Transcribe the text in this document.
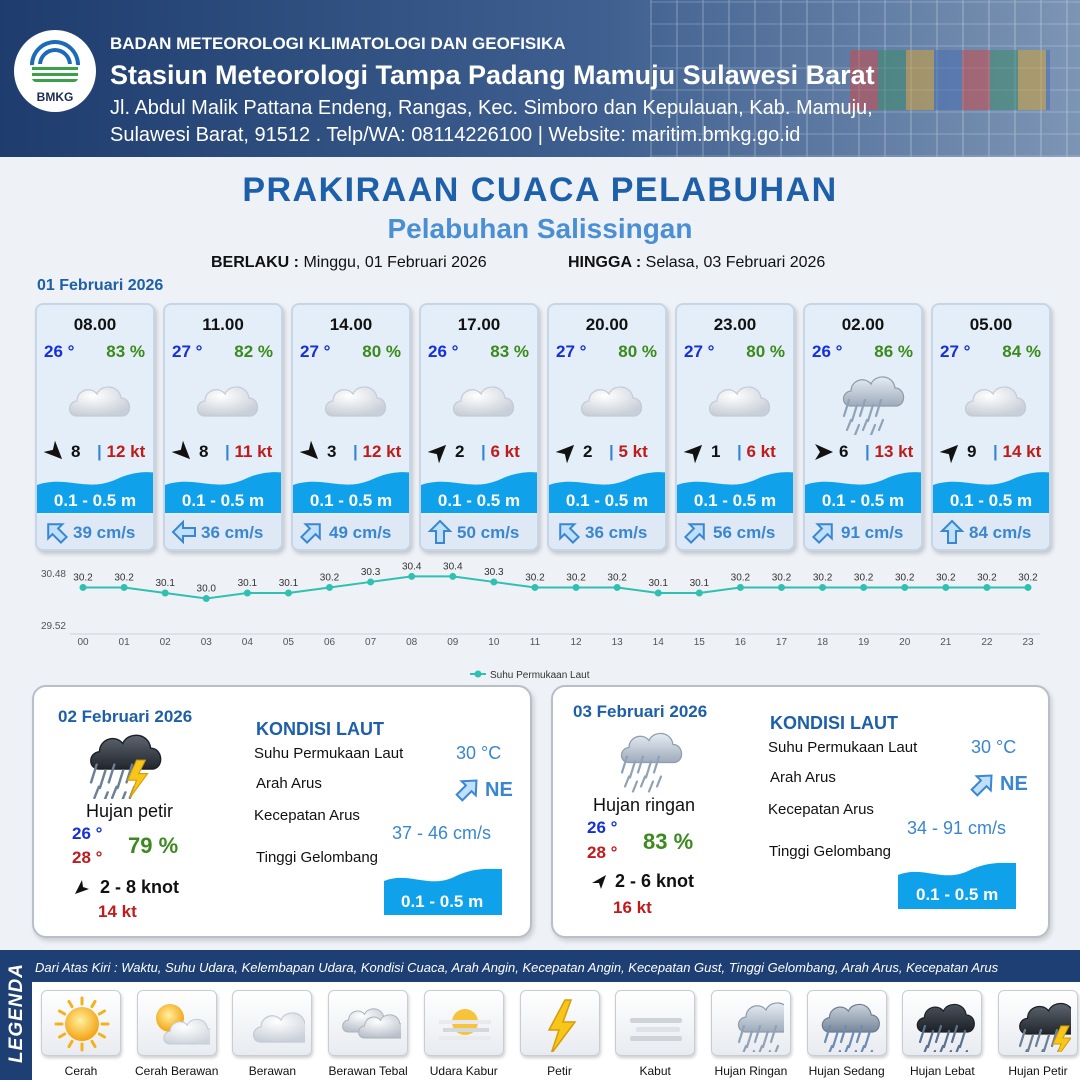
BMKG
BADAN METEOROLOGI KLIMATOLOGI DAN GEOFISIKA
Stasiun Meteorologi Tampa Padang Mamuju Sulawesi Barat
Jl. Abdul Malik Pattana Endeng, Rangas, Kec. Simboro dan Kepulauan, Kab. Mamuju,
Sulawesi Barat, 91512 . Telp/WA: 08114226100 | Website: maritim.bmkg.go.id
PRAKIRAAN CUACA PELABUHAN
Pelabuhan Salissingan
BERLAKU : Minggu, 01 Februari 2026	HINGGA : Selasa, 03 Februari 2026
01 Februari 2026
08.00
26 ° 83 %
8 | 12 kt
0.1 - 0.5 m
39 cm/s
11.00
27 ° 82 %
8 | 11 kt
0.1 - 0.5 m
36 cm/s
14.00
27 ° 80 %
3 | 12 kt
0.1 - 0.5 m
49 cm/s
17.00
26 ° 83 %
2 | 6 kt
0.1 - 0.5 m
50 cm/s
20.00
27 ° 80 %
2 | 5 kt
0.1 - 0.5 m
36 cm/s
23.00
27 ° 80 %
1 | 6 kt
0.1 - 0.5 m
56 cm/s
02.00
26 ° 86 %
6 | 13 kt
0.1 - 0.5 m
91 cm/s
05.00
27 ° 84 %
9 | 14 kt
0.1 - 0.5 m
84 cm/s
30.48
29.52
30.2
00
30.2
01
30.1
02
30.0
03
30.1
04
30.1
05
30.2
06
30.3
07
30.4
08
30.4
09
30.3
10
30.2
11
30.2
12
30.2
13
30.1
14
30.1
15
30.2
16
30.2
17
30.2
18
30.2
19
30.2
20
30.2
21
30.2
22
30.2
23
Suhu Permukaan Laut
02 Februari 2026
Hujan petir
26 °
28 ° 79 %
2 - 8 knot
14 kt
KONDISI LAUT
Suhu Permukaan Laut	30 °C
Arah Arus	NE
Kecepatan Arus
37 - 46 cm/s
Tinggi Gelombang
0.1 - 0.5 m
03 Februari 2026
Hujan ringan
26 °
28 ° 83 %
2 - 6 knot
16 kt
KONDISI LAUT
Suhu Permukaan Laut	30 °C
Arah Arus	NE
Kecepatan Arus
34 - 91 cm/s
Tinggi Gelombang
0.1 - 0.5 m
LEGENDA Dari Atas Kiri : Waktu, Suhu Udara, Kelembapan Udara, Kondisi Cuaca, Arah Angin, Kecepatan Angin, Kecepatan Gust, Tinggi Gelombang, Arah Arus, Kecepatan Arus
Cerah	Cerah Berawan	Berawan	Berawan Tebal	Udara Kabur	Petir	Kabut	Hujan Ringan	Hujan Sedang	Hujan Lebat	Hujan Petir
